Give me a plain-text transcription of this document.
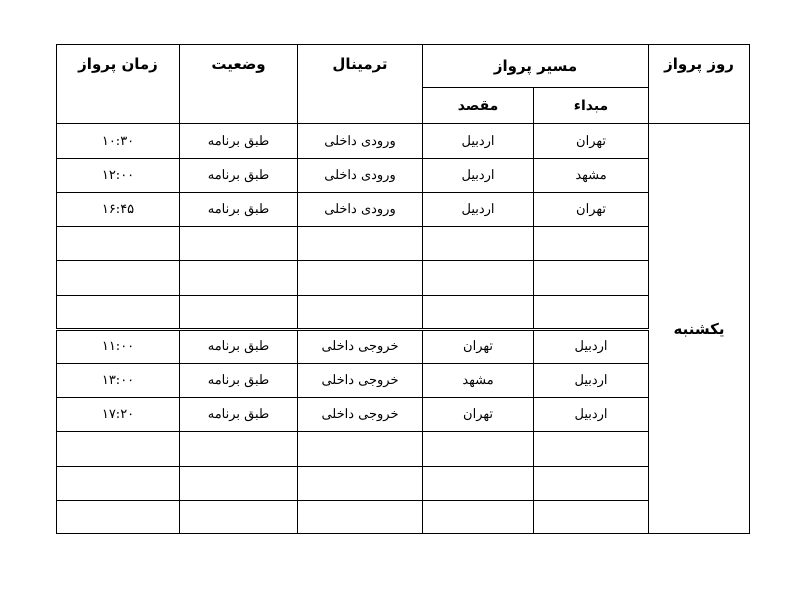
روز پرواز	مسیر پرواز		ترمینال	وضعیت	زمان پرواز
	مبداء	مقصد			
یکشنبه	تهران	اردبیل	ورودی داخلی	طبق برنامه	۱۰:۳۰
	مشهد	اردبیل	ورودی داخلی	طبق برنامه	۱۲:۰۰
	تهران	اردبیل	ورودی داخلی	طبق برنامه	۱۶:۴۵

	اردبیل	تهران	خروجی داخلی	طبق برنامه	۱۱:۰۰
	اردبیل	مشهد	خروجی داخلی	طبق برنامه	۱۳:۰۰
	اردبیل	تهران	خروجی داخلی	طبق برنامه	۱۷:۲۰
